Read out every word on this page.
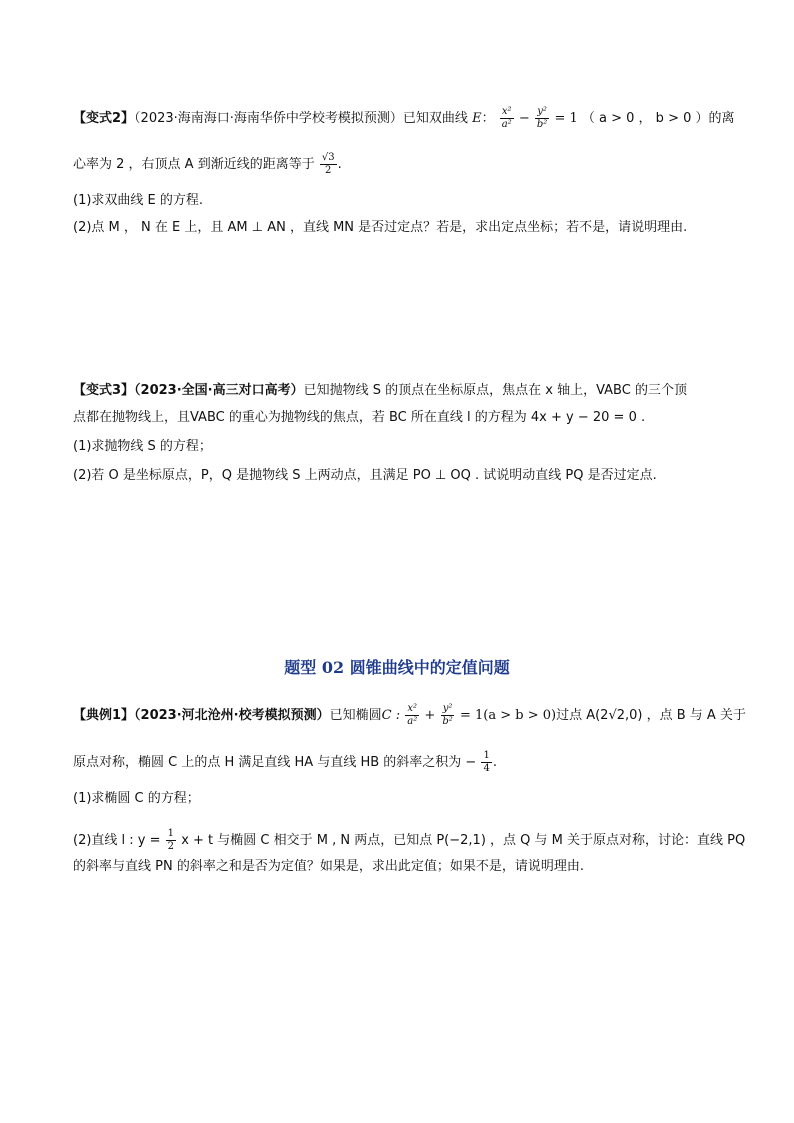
【变式2】（2023·海南海口·海南华侨中学校考模拟预测）已知双曲线 E： $\frac{\text{x²}}{\text{a²}} - \frac{\text{y²}}{\text{b²}} = 1$ （ a > 0 ， b > 0 ）的离
心率为 2 ，右顶点 A 到渐近线的距离等于 $\frac{√3}{2}$ .
(1)求双曲线 E 的方程.
(2)点 M ， N 在 E 上，且 AM ⊥ AN ，直线 MN 是否过定点？若是，求出定点坐标；若不是，请说明理由.
【变式3】（2023·全国·高三对口高考）已知抛物线 S 的顶点在坐标原点，焦点在 x 轴上，VABC 的三个顶
点都在抛物线上，且VABC 的重心为抛物线的焦点，若 BC 所在直线 l 的方程为 4x + y − 20 = 0 .
(1)求抛物线 S 的方程；
(2)若 O 是坐标原点，P，Q 是抛物线 S 上两动点，且满足 PO ⊥ OQ . 试说明动直线 PQ 是否过定点.
题型 02 圆锥曲线中的定值问题
【典例1】（2023·河北沧州·校考模拟预测）已知椭圆C : $\frac{\text{x²}}{\text{a²}} + \frac{\text{y²}}{\text{b²}} = 1(a > b > 0)$过点 A(2√2,0) ，点 B 与 A 关于
原点对称，椭圆 C 上的点 H 满足直线 HA 与直线 HB 的斜率之积为 − $\frac{1}{4}$ .
(1)求椭圆 C 的方程；
(2)直线 l : $y = \frac{1}{2}$ x + t 与椭圆 C 相交于 M , N 两点，已知点 P(−2,1) ，点 Q 与 M 关于原点对称，讨论：直线 PQ
的斜率与直线 PN 的斜率之和是否为定值？如果是，求出此定值；如果不是，请说明理由.
